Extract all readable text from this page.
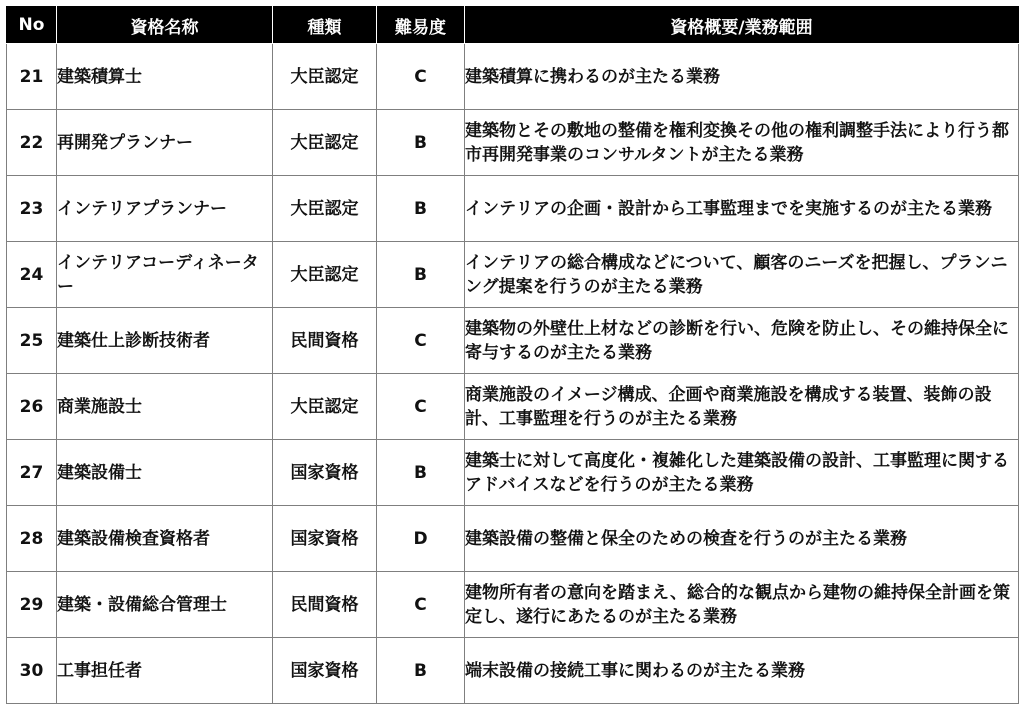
No	資格名称	種類	難易度	資格概要/業務範囲
21	建築積算士	大臣認定	C	建築積算に携わるのが主たる業務
22	再開発プランナー	大臣認定	B	建築物とその敷地の整備を権利変換その他の権利調整手法により行う都市再開発事業のコンサルタントが主たる業務
23	インテリアプランナー	大臣認定	B	インテリアの企画・設計から工事監理までを実施するのが主たる業務
24	インテリアコーディネーター	大臣認定	B	インテリアの総合構成などについて、顧客のニーズを把握し、プランニング提案を行うのが主たる業務
25	建築仕上診断技術者	民間資格	C	建築物の外壁仕上材などの診断を行い、危険を防止し、その維持保全に寄与するのが主たる業務
26	商業施設士	大臣認定	C	商業施設のイメージ構成、企画や商業施設を構成する装置、装飾の設計、工事監理を行うのが主たる業務
27	建築設備士	国家資格	B	建築士に対して高度化・複雑化した建築設備の設計、工事監理に関するアドバイスなどを行うのが主たる業務
28	建築設備検査資格者	国家資格	D	建築設備の整備と保全のための検査を行うのが主たる業務
29	建築・設備総合管理士	民間資格	C	建物所有者の意向を踏まえ、総合的な観点から建物の維持保全計画を策定し、遂行にあたるのが主たる業務
30	工事担任者	国家資格	B	端末設備の接続工事に関わるのが主たる業務
